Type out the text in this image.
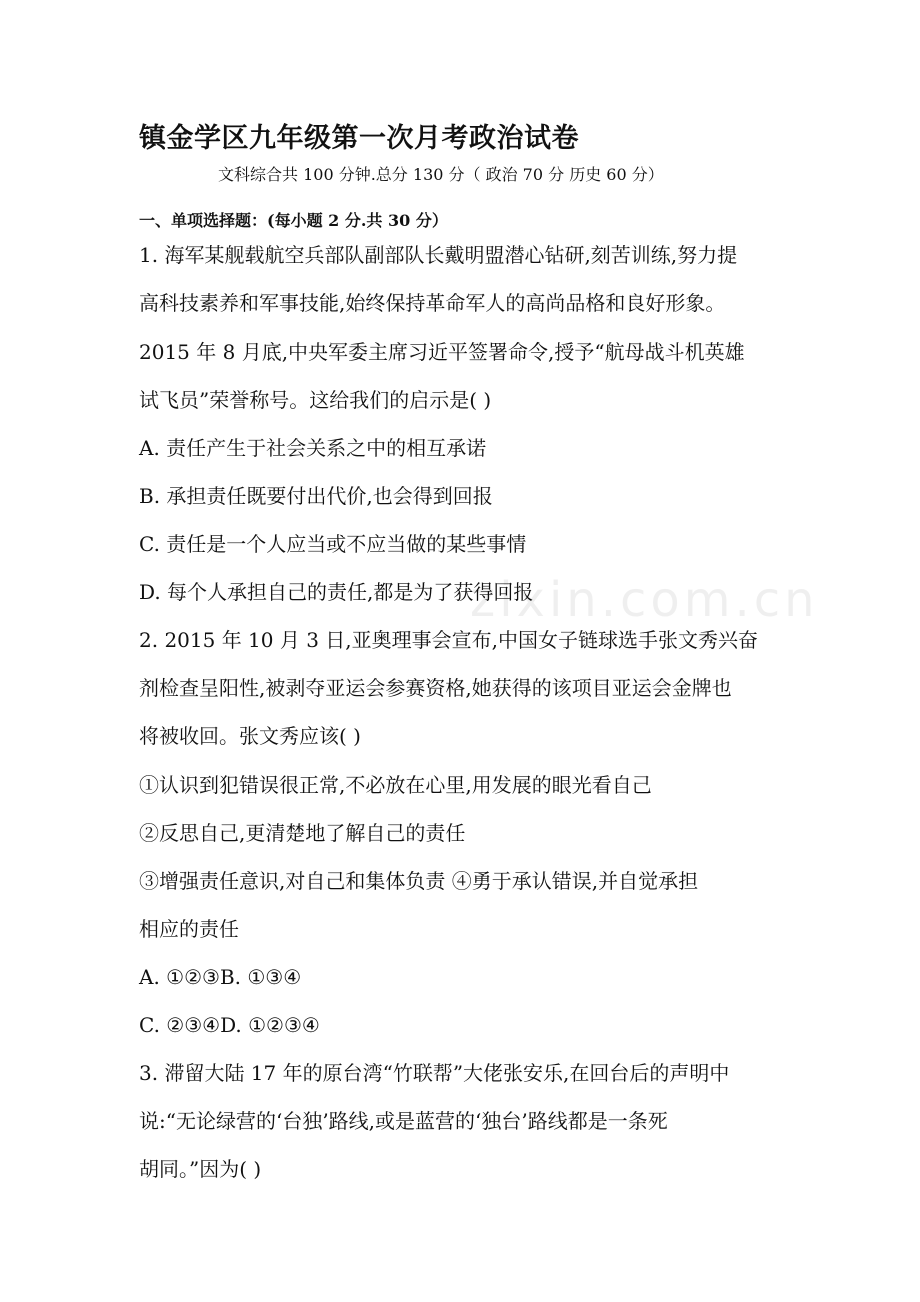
镇金学区九年级第一次月考政治试卷
文科综合共 100 分钟.总分 130 分（ 政治 70 分 历史 60 分）
一、单项选择题：(每小题 2 分.共 30 分）
1. 海军某舰载航空兵部队副部队长戴明盟潜心钻研,刻苦训练,努力提
高科技素养和军事技能,始终保持革命军人的高尚品格和良好形象。
2015 年 8 月底,中央军委主席习近平签署命令,授予“航母战斗机英雄
试飞员”荣誉称号。这给我们的启示是( )
A. 责任产生于社会关系之中的相互承诺
B. 承担责任既要付出代价,也会得到回报
C. 责任是一个人应当或不应当做的某些事情
D. 每个人承担自己的责任,都是为了获得回报
2. 2015 年 10 月 3 日,亚奥理事会宣布,中国女子链球选手张文秀兴奋
剂检查呈阳性,被剥夺亚运会参赛资格,她获得的该项目亚运会金牌也
将被收回。张文秀应该( )
①认识到犯错误很正常,不必放在心里,用发展的眼光看自己
②反思自己,更清楚地了解自己的责任
③增强责任意识,对自己和集体负责 ④勇于承认错误,并自觉承担
相应的责任
A. ①②③B. ①③④
C. ②③④D. ①②③④
3. 滞留大陆 17 年的原台湾“竹联帮”大佬张安乐,在回台后的声明中
说:“无论绿营的‘台独’路线,或是蓝营的‘独台’路线都是一条死
胡同。”因为( )
zixin.com.cn
